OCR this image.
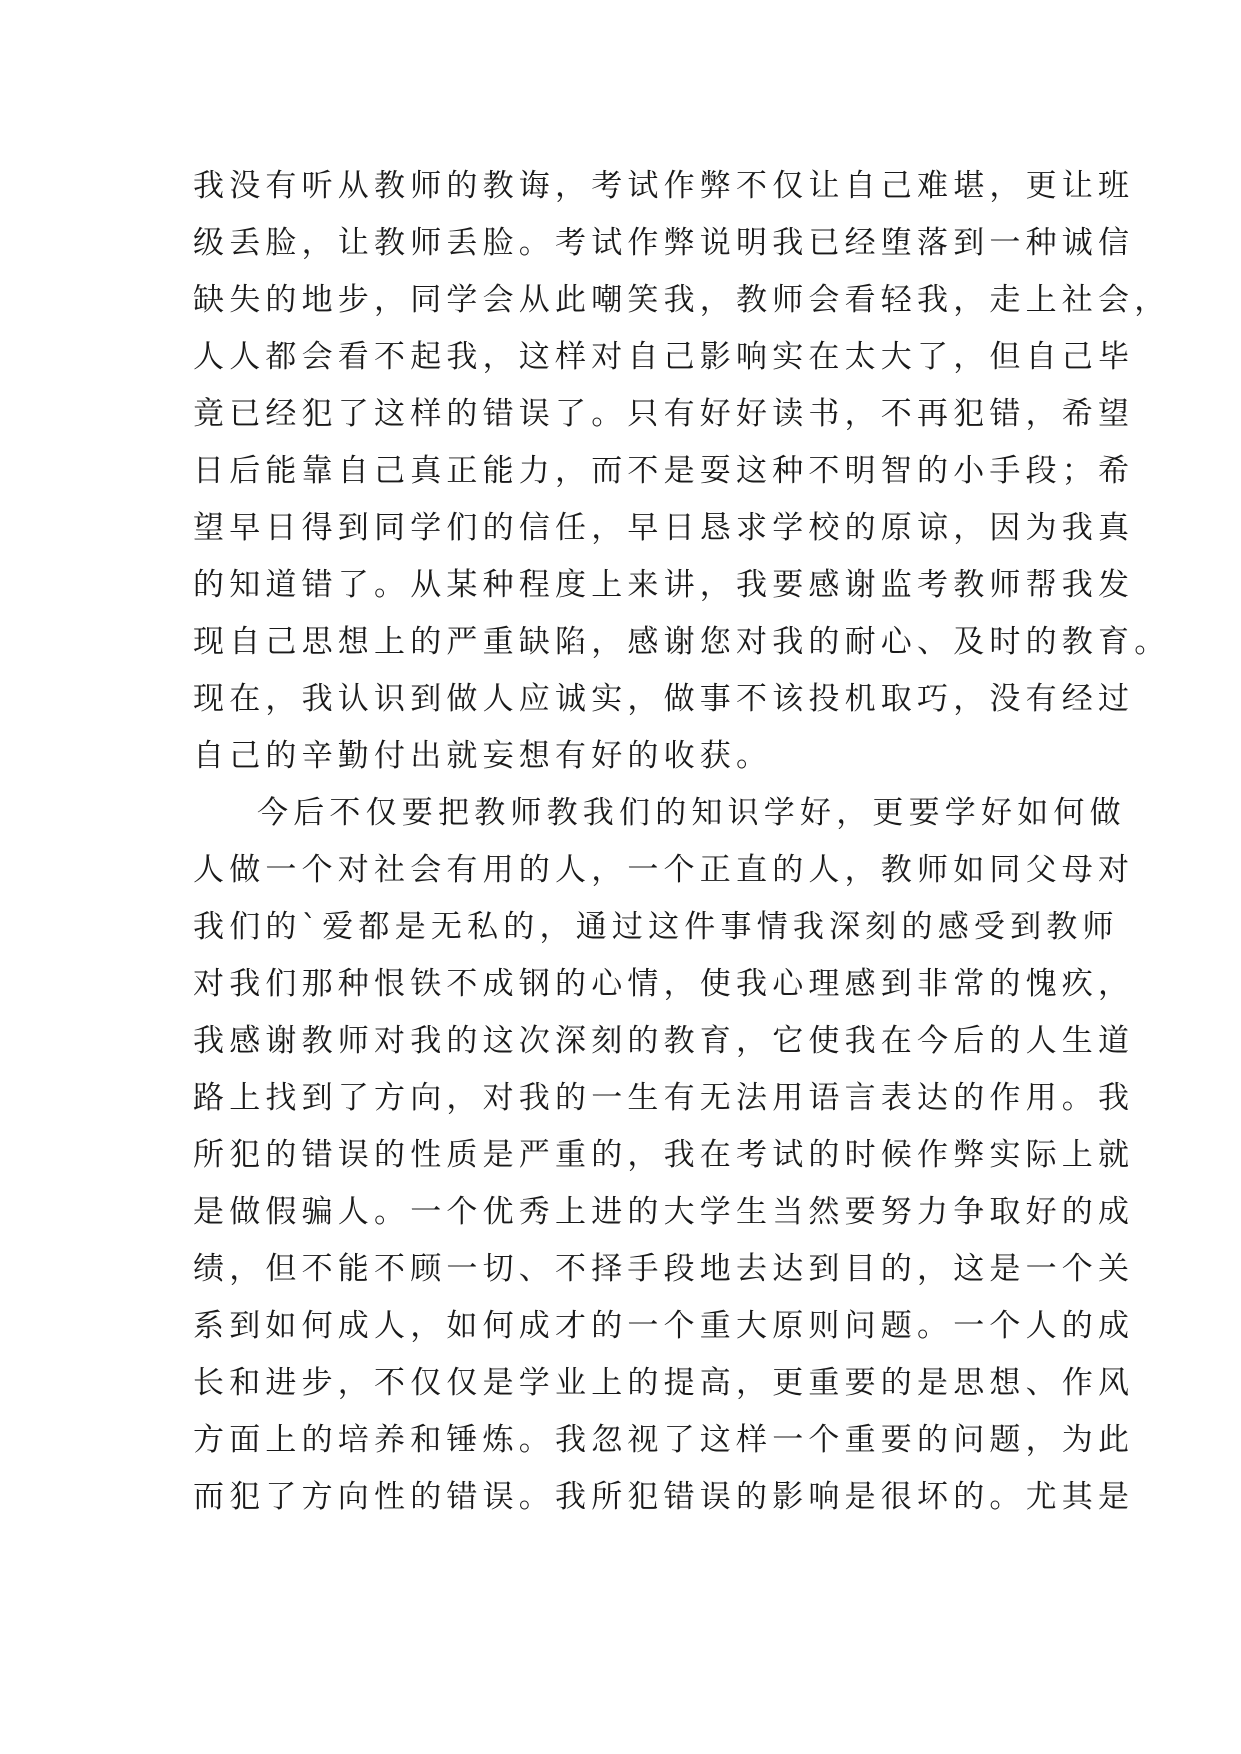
我没有听从教师的教诲，考试作弊不仅让自己难堪，更让班
级丢脸，让教师丢脸。考试作弊说明我已经堕落到一种诚信
缺失的地步，同学会从此嘲笑我，教师会看轻我，走上社会，
人人都会看不起我，这样对自己影响实在太大了，但自己毕
竟已经犯了这样的错误了。只有好好读书，不再犯错，希望
日后能靠自己真正能力，而不是耍这种不明智的小手段；希
望早日得到同学们的信任，早日恳求学校的原谅，因为我真
的知道错了。从某种程度上来讲，我要感谢监考教师帮我发
现自己思想上的严重缺陷，感谢您对我的耐心、及时的教育。
现在，我认识到做人应诚实，做事不该投机取巧，没有经过
自己的辛勤付出就妄想有好的收获。
今后不仅要把教师教我们的知识学好，更要学好如何做
人做一个对社会有用的人，一个正直的人，教师如同父母对
我们的`爱都是无私的，通过这件事情我深刻的感受到教师
对我们那种恨铁不成钢的心情，使我心理感到非常的愧疚，
我感谢教师对我的这次深刻的教育，它使我在今后的人生道
路上找到了方向，对我的一生有无法用语言表达的作用。我
所犯的错误的性质是严重的，我在考试的时候作弊实际上就
是做假骗人。一个优秀上进的大学生当然要努力争取好的成
绩，但不能不顾一切、不择手段地去达到目的，这是一个关
系到如何成人，如何成才的一个重大原则问题。一个人的成
长和进步，不仅仅是学业上的提高，更重要的是思想、作风
方面上的培养和锤炼。我忽视了这样一个重要的问题，为此
而犯了方向性的错误。我所犯错误的影响是很坏的。尤其是
